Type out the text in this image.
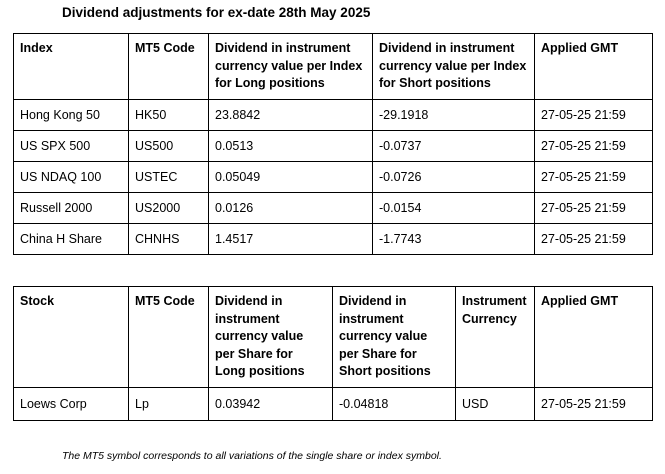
Dividend adjustments for ex-date 28th May 2025
Index	MT5 Code	Dividend in instrument currency value per Index for Long positions	Dividend in instrument currency value per Index for Short positions	Applied GMT
Hong Kong 50	HK50	23.8842	-29.1918	27-05-25 21:59
US SPX 500	US500	0.0513	-0.0737	27-05-25 21:59
US NDAQ 100	USTEC	0.05049	-0.0726	27-05-25 21:59
Russell 2000	US2000	0.0126	-0.0154	27-05-25 21:59
China H Share	CHNHS	1.4517	-1.7743	27-05-25 21:59
Stock	MT5 Code	Dividend in instrument currency value per Share for Long positions	Dividend in instrument currency value per Share for Short positions	Instrument Currency	Applied GMT
Loews Corp	Lp	0.03942	-0.04818	USD	27-05-25 21:59
The MT5 symbol corresponds to all variations of the single share or index symbol.
